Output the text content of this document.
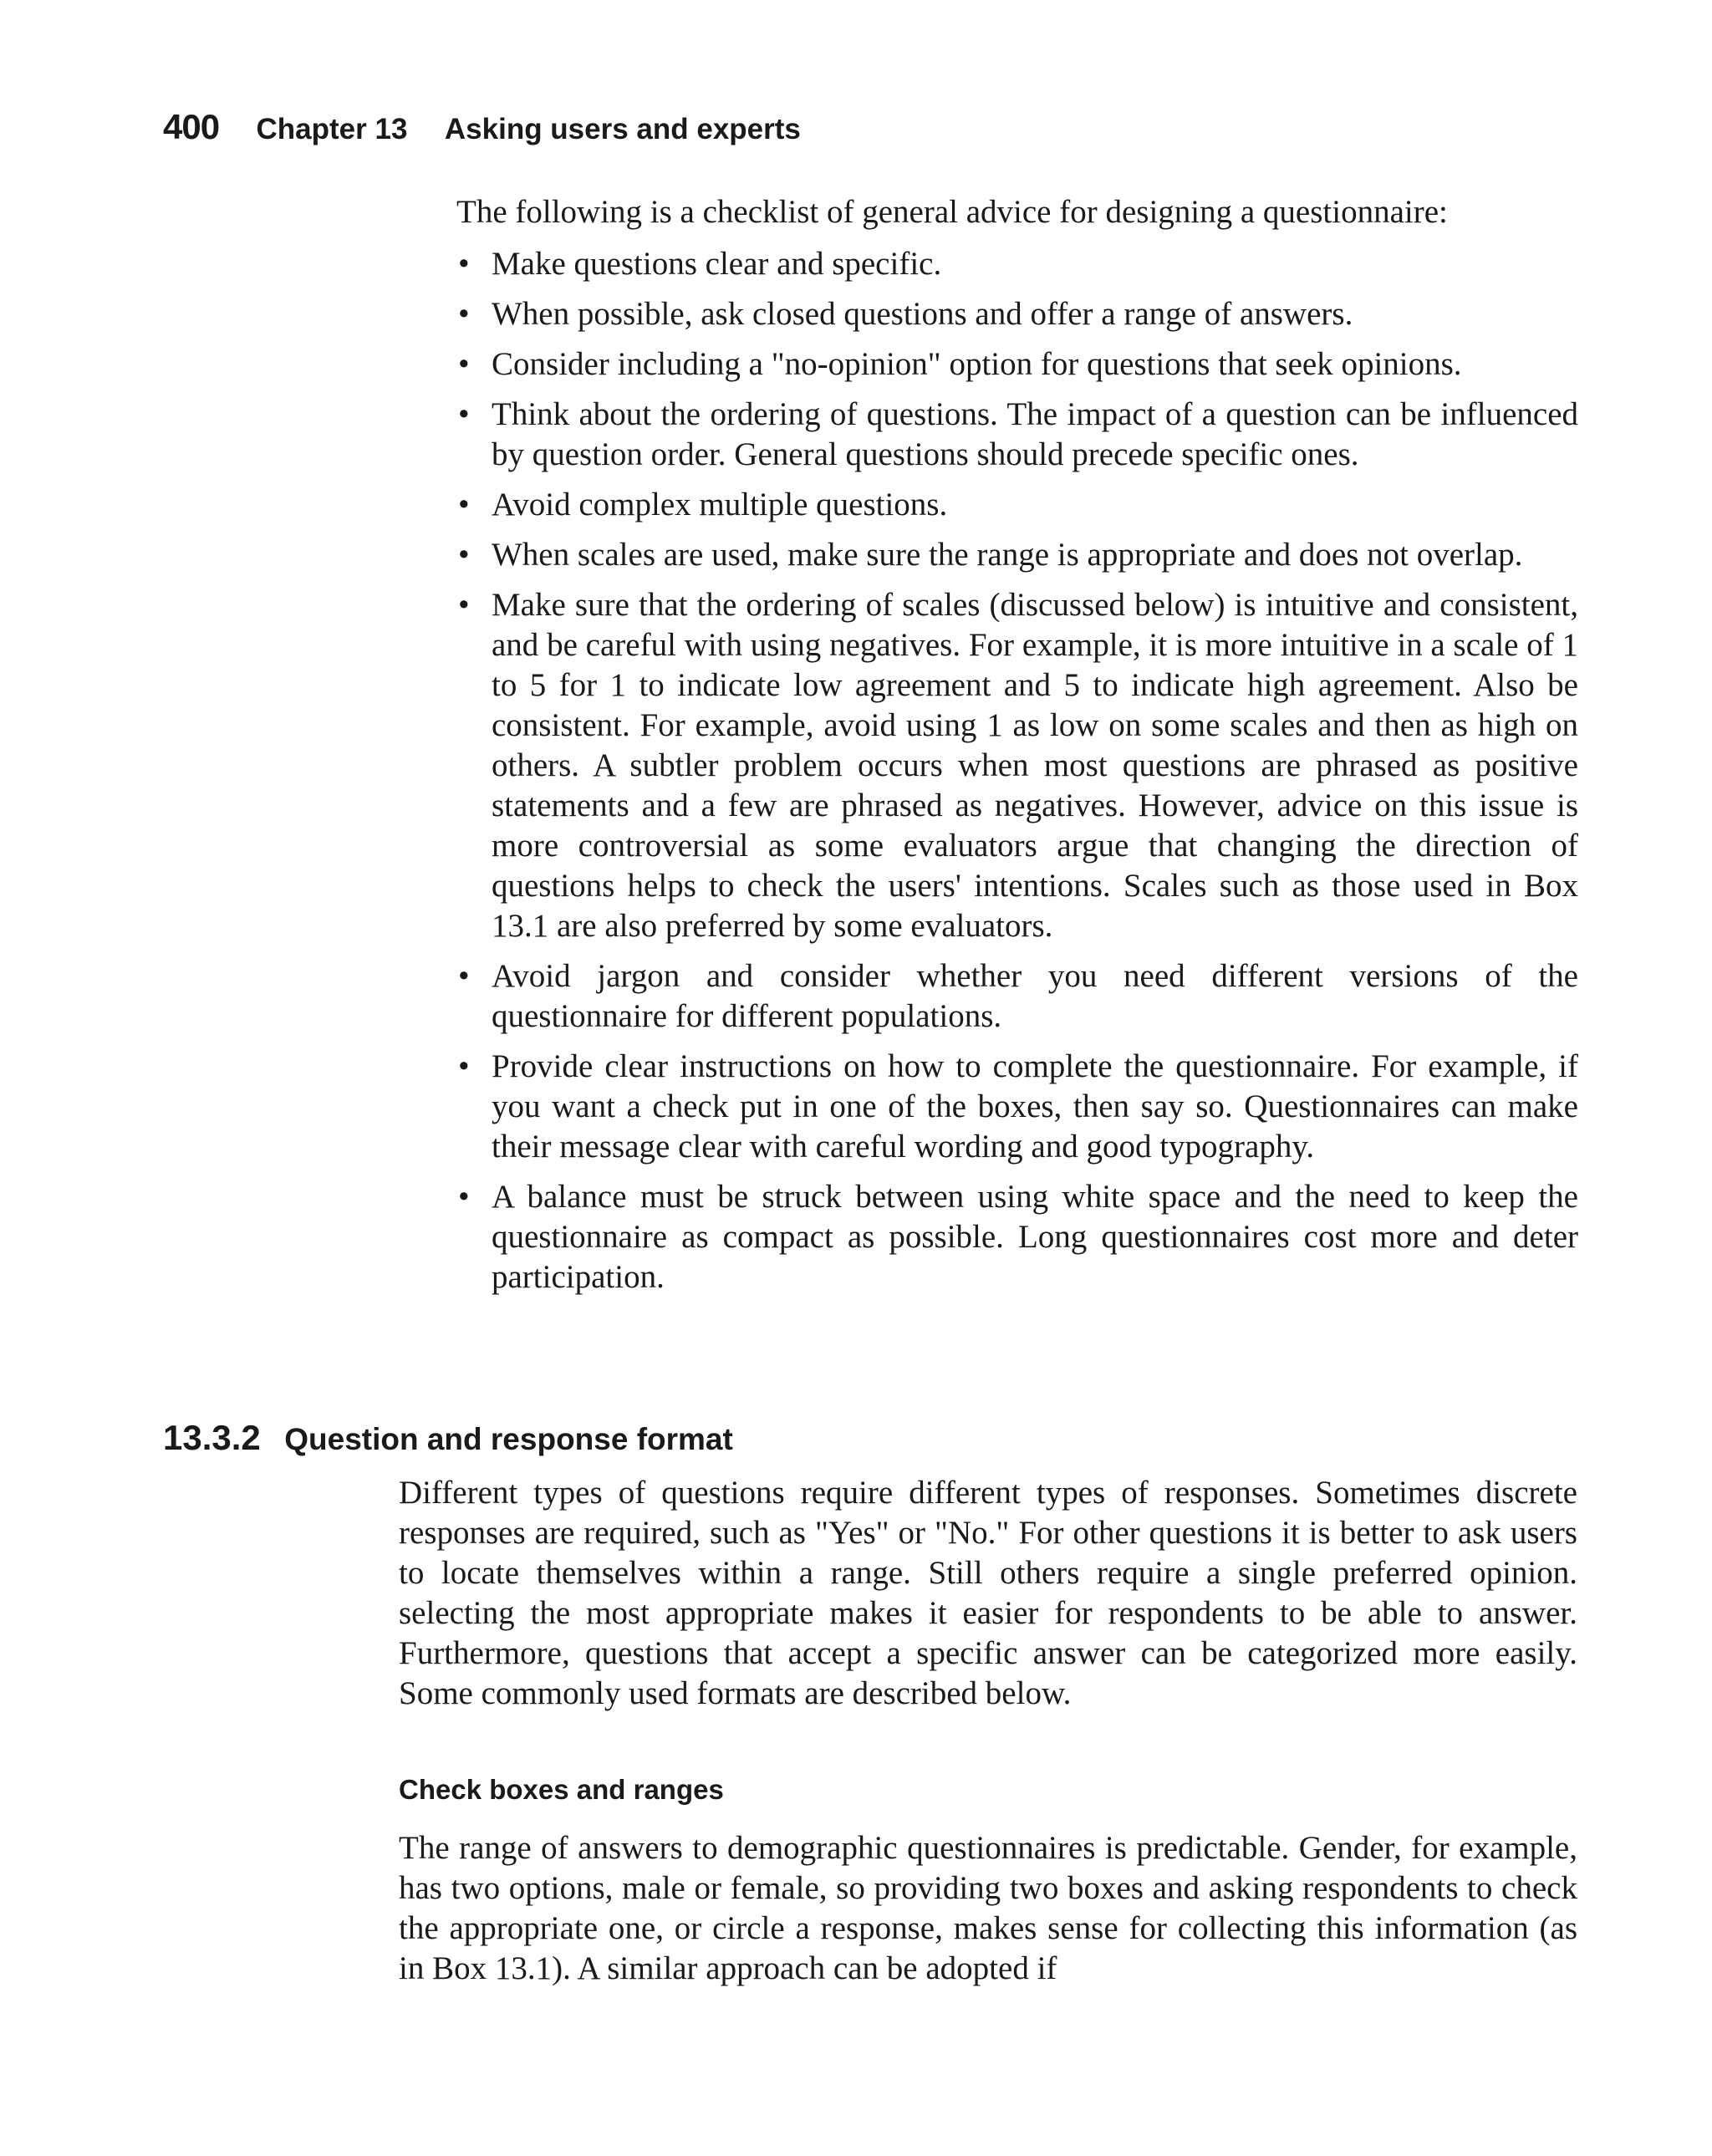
400 Chapter 13 Asking users and experts

The following is a checklist of general advice for designing a questionnaire:

• Make questions clear and specific.
• When possible, ask closed questions and offer a range of answers.
• Consider including a "no-opinion" option for questions that seek opinions.
• Think about the ordering of questions. The impact of a question can be influenced by question order. General questions should precede specific ones.
• Avoid complex multiple questions.
• When scales are used, make sure the range is appropriate and does not overlap.
• Make sure that the ordering of scales (discussed below) is intuitive and consistent, and be careful with using negatives. For example, it is more intuitive in a scale of 1 to 5 for 1 to indicate low agreement and 5 to indicate high agreement. Also be consistent. For example, avoid using 1 as low on some scales and then as high on others. A subtler problem occurs when most questions are phrased as positive statements and a few are phrased as negatives. However, advice on this issue is more controversial as some evaluators argue that changing the direction of questions helps to check the users' intentions. Scales such as those used in Box 13.1 are also preferred by some evaluators.
• Avoid jargon and consider whether you need different versions of the questionnaire for different populations.
• Provide clear instructions on how to complete the questionnaire. For example, if you want a check put in one of the boxes, then say so. Questionnaires can make their message clear with careful wording and good typography.
• A balance must be struck between using white space and the need to keep the questionnaire as compact as possible. Long questionnaires cost more and deter participation.
13.3.2 Question and response format

Different types of questions require different types of responses. Sometimes discrete responses are required, such as "Yes" or "No." For other questions it is better to ask users to locate themselves within a range. Still others require a single preferred opinion. selecting the most appropriate makes it easier for respondents to be able to answer. Furthermore, questions that accept a specific answer can be categorized more easily. Some commonly used formats are described below.

Check boxes and ranges

The range of answers to demographic questionnaires is predictable. Gender, for example, has two options, male or female, so providing two boxes and asking respondents to check the appropriate one, or circle a response, makes sense for collecting this information (as in Box 13.1). A similar approach can be adopted if
